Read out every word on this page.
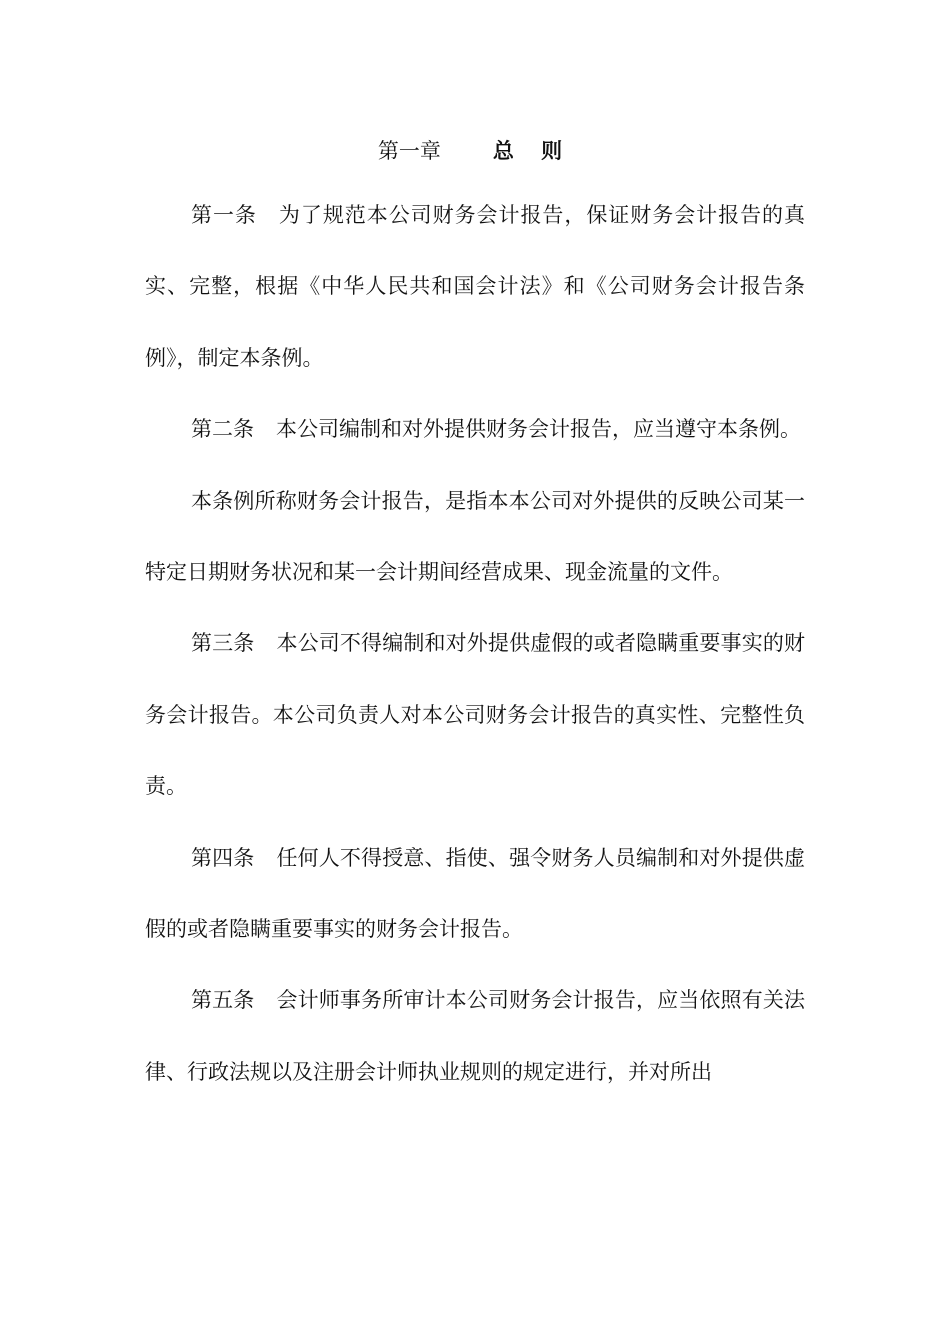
第一章 总 则

第一条 为了规范本公司财务会计报告，保证财务会计报告的真实、完整，根据《中华人民共和国会计法》和《公司财务会计报告条例》，制定本条例。

第二条 本公司编制和对外提供财务会计报告，应当遵守本条例。

本条例所称财务会计报告，是指本本公司对外提供的反映公司某一特定日期财务状况和某一会计期间经营成果、现金流量的文件。

第三条 本公司不得编制和对外提供虚假的或者隐瞒重要事实的财务会计报告。本公司负责人对本公司财务会计报告的真实性、完整性负责。

第四条 任何人不得授意、指使、强令财务人员编制和对外提供虚假的或者隐瞒重要事实的财务会计报告。

第五条 会计师事务所审计本公司财务会计报告，应当依照有关法律、行政法规以及注册会计师执业规则的规定进行，并对所出
